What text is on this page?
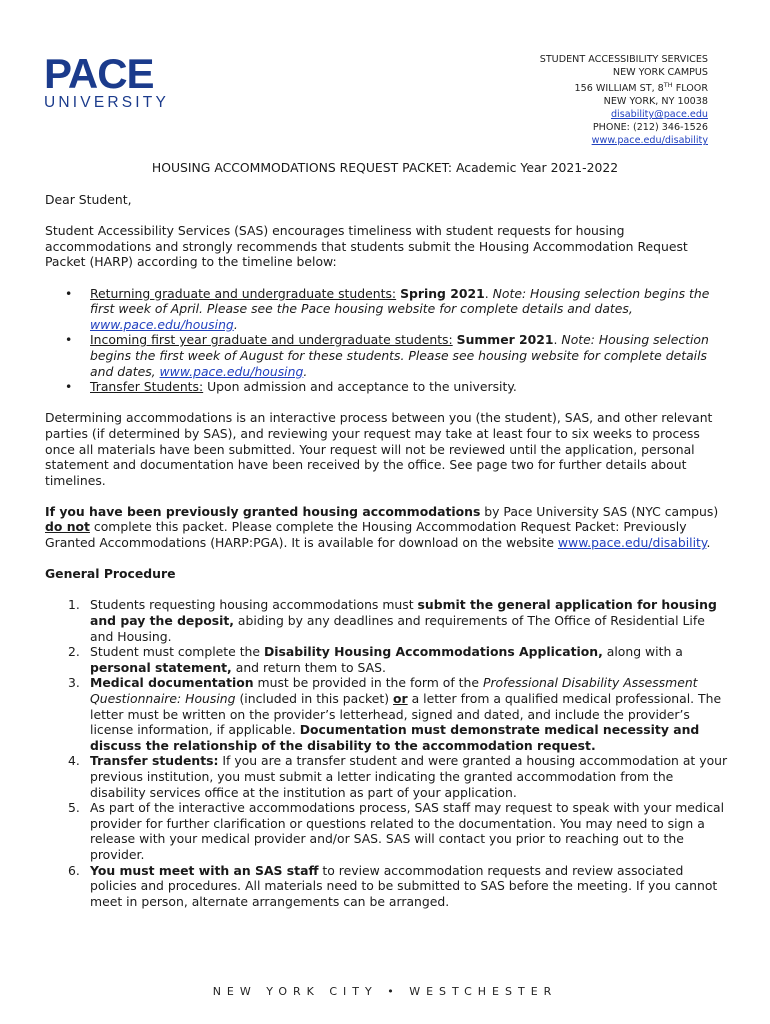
PACE
UNIVERSITY
STUDENT ACCESSIBILITY SERVICES
NEW YORK CAMPUS
156 WILLIAM ST, 8TH FLOOR
NEW YORK, NY 10038
disability@pace.edu
PHONE: (212) 346-1526
www.pace.edu/disability
HOUSING ACCOMMODATIONS REQUEST PACKET: Academic Year 2021-2022

Dear Student,

Student Accessibility Services (SAS) encourages timeliness with student requests for housing accommodations and strongly recommends that students submit the Housing Accommodation Request Packet (HARP) according to the timeline below:

• Returning graduate and undergraduate students: Spring 2021. Note: Housing selection begins the first week of April. Please see the Pace housing website for complete details and dates, www.pace.edu/housing.
• Incoming first year graduate and undergraduate students: Summer 2021. Note: Housing selection begins the first week of August for these students. Please see housing website for complete details and dates, www.pace.edu/housing.
• Transfer Students: Upon admission and acceptance to the university.

Determining accommodations is an interactive process between you (the student), SAS, and other relevant parties (if determined by SAS), and reviewing your request may take at least four to six weeks to process once all materials have been submitted. Your request will not be reviewed until the application, personal statement and documentation have been received by the office. See page two for further details about timelines.

If you have been previously granted housing accommodations by Pace University SAS (NYC campus) do not complete this packet. Please complete the Housing Accommodation Request Packet: Previously Granted Accommodations (HARP:PGA). It is available for download on the website www.pace.edu/disability.

General Procedure

1. Students requesting housing accommodations must submit the general application for housing and pay the deposit, abiding by any deadlines and requirements of The Office of Residential Life and Housing.
2. Student must complete the Disability Housing Accommodations Application, along with a personal statement, and return them to SAS.
3. Medical documentation must be provided in the form of the Professional Disability Assessment Questionnaire: Housing (included in this packet) or a letter from a qualified medical professional. The letter must be written on the provider’s letterhead, signed and dated, and include the provider’s license information, if applicable. Documentation must demonstrate medical necessity and discuss the relationship of the disability to the accommodation request.
4. Transfer students: If you are a transfer student and were granted a housing accommodation at your previous institution, you must submit a letter indicating the granted accommodation from the disability services office at the institution as part of your application.
5. As part of the interactive accommodations process, SAS staff may request to speak with your medical provider for further clarification or questions related to the documentation. You may need to sign a release with your medical provider and/or SAS. SAS will contact you prior to reaching out to the provider.
6. You must meet with an SAS staff to review accommodation requests and review associated policies and procedures. All materials need to be submitted to SAS before the meeting. If you cannot meet in person, alternate arrangements can be arranged.
NEW YORK CITY • WESTCHESTER
